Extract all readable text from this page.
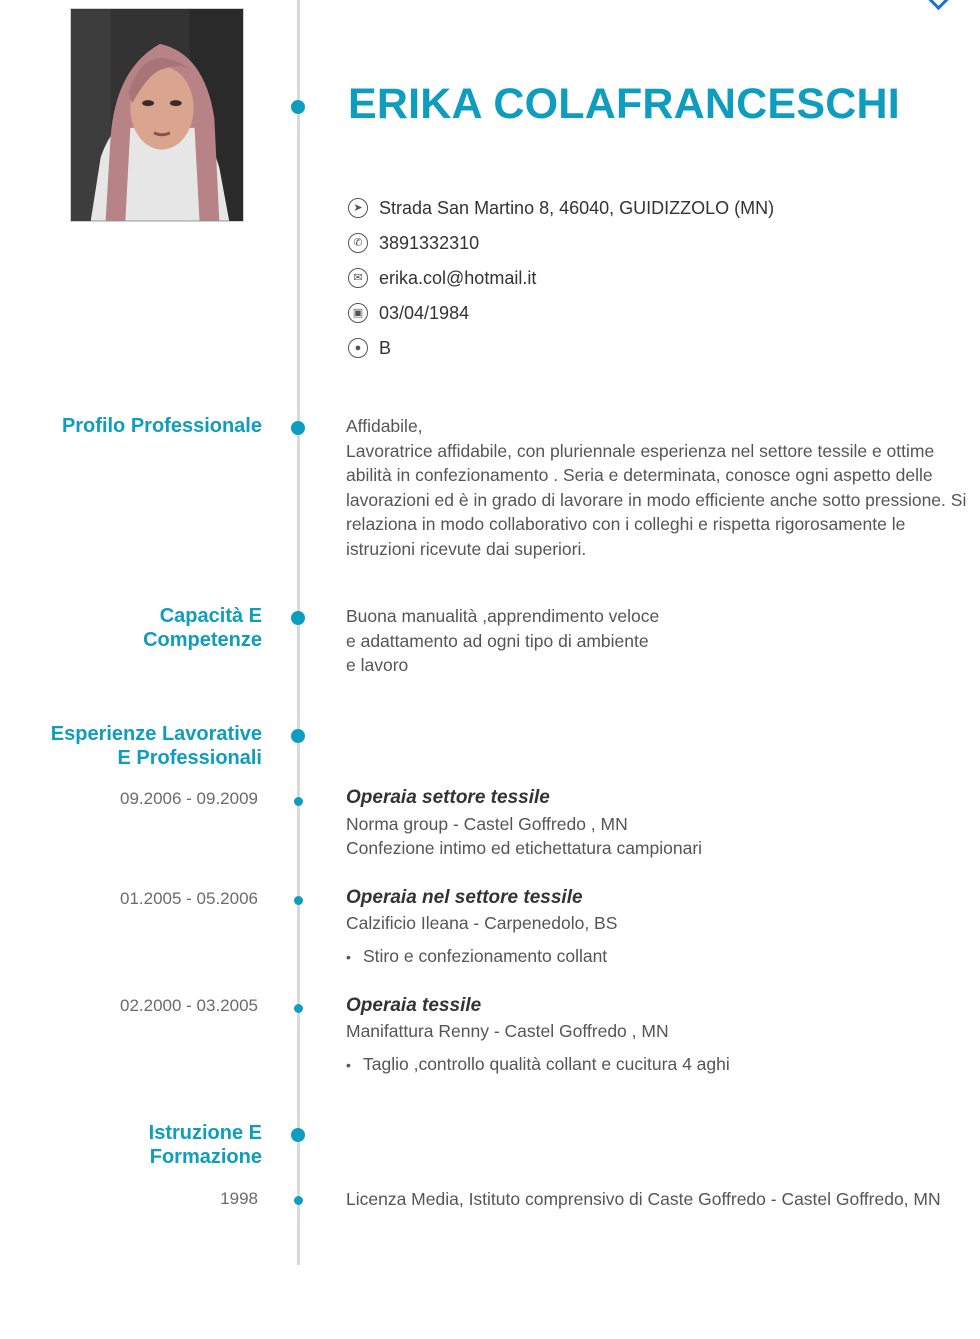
ERIKA COLAFRANCESCHI
➤ Strada San Martino 8, 46040, GUIDIZZOLO (MN)
✆ 3891332310
✉ erika.col@hotmail.it
▣ 03/04/1984
● B
Profilo Professionale	Affidabile,
Lavoratrice affidabile, con pluriennale esperienza nel settore tessile e ottime
abilità in confezionamento . Seria e determinata, conosce ogni aspetto delle
lavorazioni ed è in grado di lavorare in modo efficiente anche sotto pressione. Si
relaziona in modo collaborativo con i colleghi e rispetta rigorosamente le
istruzioni ricevute dai superiori.
Capacità E
Competenze
Buona manualità ,apprendimento veloce
e adattamento ad ogni tipo di ambiente
e lavoro
Esperienze Lavorative
E Professionali
09.2006 - 09.2009	Operaia settore tessile
Norma group - Castel Goffredo , MN
Confezione intimo ed etichettatura campionari
01.2005 - 05.2006	Operaia nel settore tessile
Calzificio Ileana - Carpenedolo, BS
• Stiro e confezionamento collant
02.2000 - 03.2005	Operaia tessile
Manifattura Renny - Castel Goffredo , MN
• Taglio ,controllo qualità collant e cucitura 4 aghi
Istruzione E
Formazione
1998	Licenza Media, Istituto comprensivo di Caste Goffredo - Castel Goffredo, MN
